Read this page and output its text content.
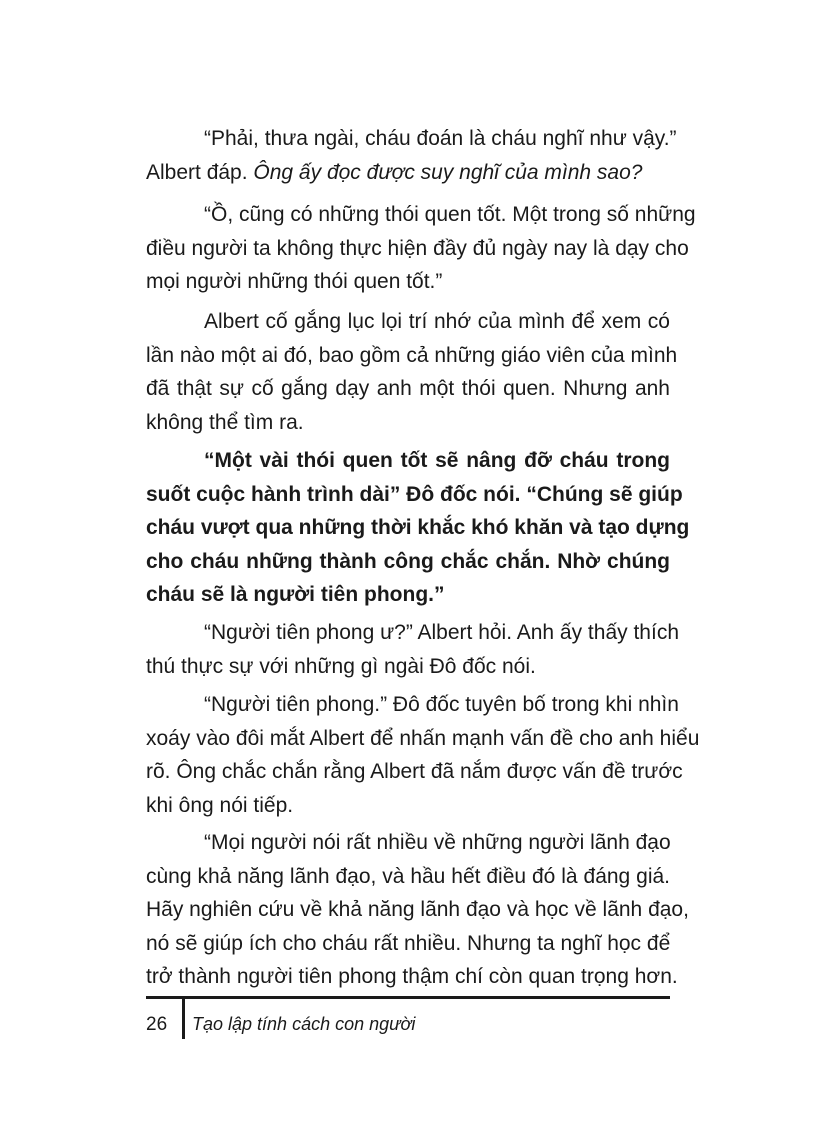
“Phải, thưa ngài, cháu đoán là cháu nghĩ như vậy.”
Albert đáp. Ông ấy đọc được suy nghĩ của mình sao?
“Ồ, cũng có những thói quen tốt. Một trong số những
điều người ta không thực hiện đầy đủ ngày nay là dạy cho
mọi người những thói quen tốt.”
Albert cố gắng lục lọi trí nhớ của mình để xem có
lần nào một ai đó, bao gồm cả những giáo viên của mình
đã thật sự cố gắng dạy anh một thói quen. Nhưng anh
không thể tìm ra.
“Một vài thói quen tốt sẽ nâng đỡ cháu trong
suốt cuộc hành trình dài” Đô đốc nói. “Chúng sẽ giúp
cháu vượt qua những thời khắc khó khăn và tạo dựng
cho cháu những thành công chắc chắn. Nhờ chúng
cháu sẽ là người tiên phong.”
“Người tiên phong ư?” Albert hỏi. Anh ấy thấy thích
thú thực sự với những gì ngài Đô đốc nói.
“Người tiên phong.” Đô đốc tuyên bố trong khi nhìn
xoáy vào đôi mắt Albert để nhấn mạnh vấn đề cho anh hiểu
rõ. Ông chắc chắn rằng Albert đã nắm được vấn đề trước
khi ông nói tiếp.
“Mọi người nói rất nhiều về những người lãnh đạo
cùng khả năng lãnh đạo, và hầu hết điều đó là đáng giá.
Hãy nghiên cứu về khả năng lãnh đạo và học về lãnh đạo,
nó sẽ giúp ích cho cháu rất nhiều. Nhưng ta nghĩ học để
trở thành người tiên phong thậm chí còn quan trọng hơn.
26 Tạo lập tính cách con người
